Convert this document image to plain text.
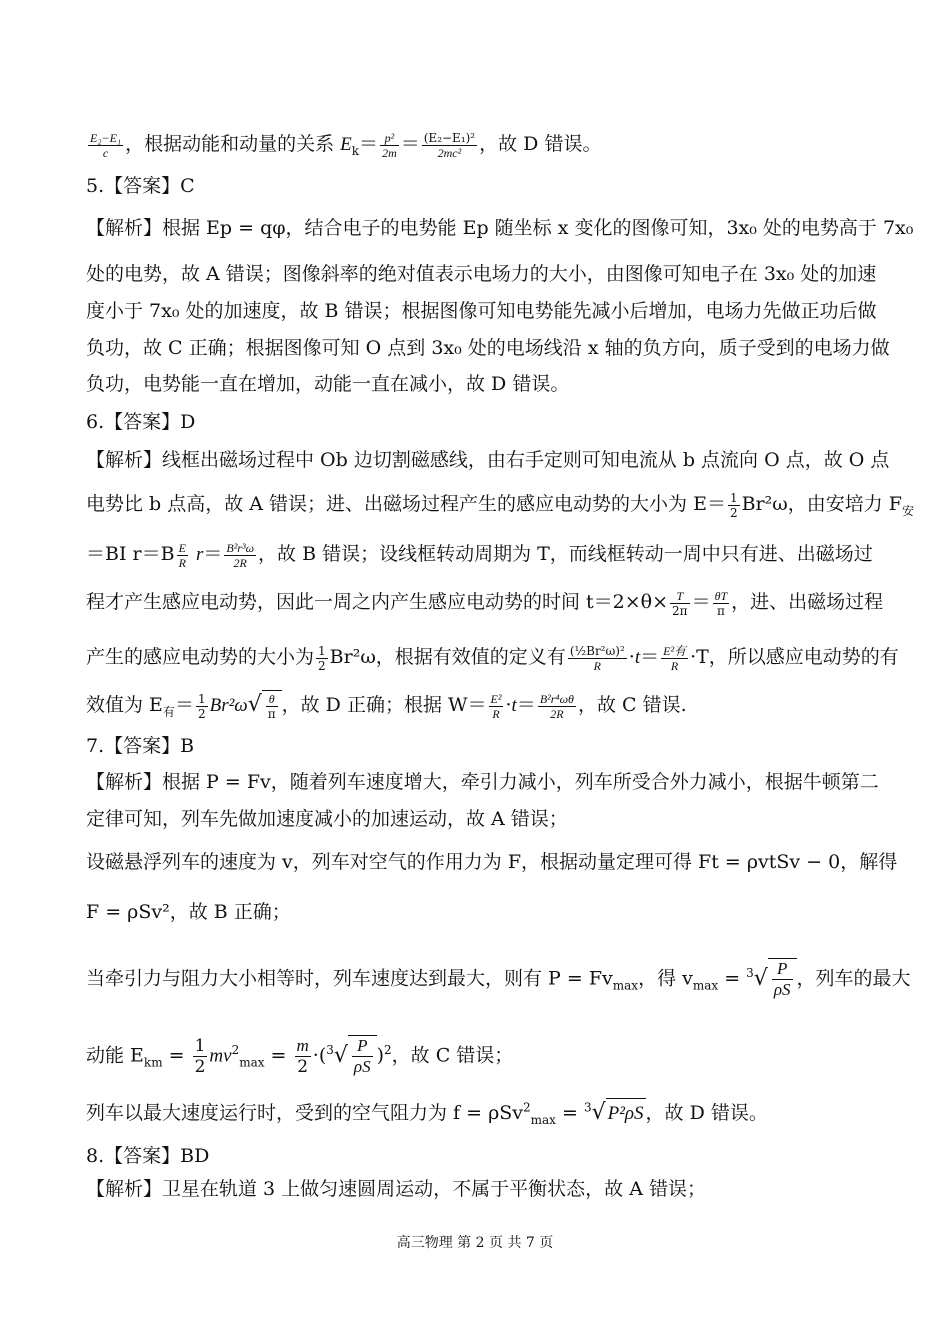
$\frac{\text{E₂−E₁}}{c}$ ，根据动能和动量的关系 $E_k= \frac{\text{p²}}{2m} = \frac{\text{(E₂−E₁)²}}{\text{2mc²}}$ ，故 D 错误。
5.【答案】C
【解析】根据 Ep = qφ，结合电子的电势能 Ep 随坐标 x 变化的图像可知，3x₀ 处的电势高于 7x₀
处的电势，故 A 错误；图像斜率的绝对值表示电场力的大小，由图像可知电子在 3x₀ 处的加速
度小于 7x₀ 处的加速度，故 B 错误；根据图像可知电势能先减小后增加，电场力先做正功后做
负功，故 C 正确；根据图像可知 O 点到 3x₀ 处的电场线沿 x 轴的负方向，质子受到的电场力做
负功，电势能一直在增加，动能一直在减小，故 D 错误。
6.【答案】D
【解析】线框出磁场过程中 Ob 边切割磁感线，由右手定则可知电流从 b 点流向 O 点，故 O 点
电势比 b 点高，故 A 错误；进、出磁场过程产生的感应电动势的大小为 $E= \frac{1}{2} Br^2\omega$，由安培力 $F_安$
＝BI $r=B \frac{E}{R} r= \frac{\text{B²r³ω}}{2R}$ ，故 B 错误；设线框转动周期为 T，而线框转动一周中只有进、出磁场过
程才产生感应电动势，因此一周之内产生感应电动势的时间 $t=2\times\theta\times \frac{T}{2\pi} = \frac{\theta T}{\pi}$ ，进、出磁场过程
产生的感应电动势的大小为 $\frac{1}{2} Br^2\omega$，根据有效值的定义有 $\frac{\text{(½Br²ω)²}}{R} \cdot t= \frac{\text{E²有}}{R} \cdot T$，所以感应电动势的有
效值为 $E_有= \frac{1}{2} Br^2\omega√ \frac{\theta}{\pi}$ ，故 D 正确；根据 $W= \frac{\text{E²}}{R} \cdot t= \frac{\text{B²r⁴ωθ}}{2R}$ ，故 C 错误.
7.【答案】B
【解析】根据 P = Fv，随着列车速度增大，牵引力减小，列车所受合外力减小，根据牛顿第二
定律可知，列车先做加速度减小的加速运动，故 A 错误；
设磁悬浮列车的速度为 v，列车对空气的作用力为 F，根据动量定理可得 Ft = ρvtSv − 0，解得
F = ρSv²，故 B 正确；
当牵引力与阻力大小相等时，列车速度达到最大，则有 $P = Fv_{max}$，得 $v_{max} = ^3√ \frac{P}{\rho S}$ ，列车的最大
动能 $E_{km} = \frac{1}{2} mv^2_{max} = \frac{m}{2} \cdot(^3√ \frac{P}{\rho S} )^2$，故 C 错误；
列车以最大速度运行时，受到的空气阻力为 f = ρSv$^2_{max}$ = $^3$√ P²ρS ，故 D 错误。
8.【答案】BD
【解析】卫星在轨道 3 上做匀速圆周运动，不属于平衡状态，故 A 错误；
高三物理 第 2 页 共 7 页
